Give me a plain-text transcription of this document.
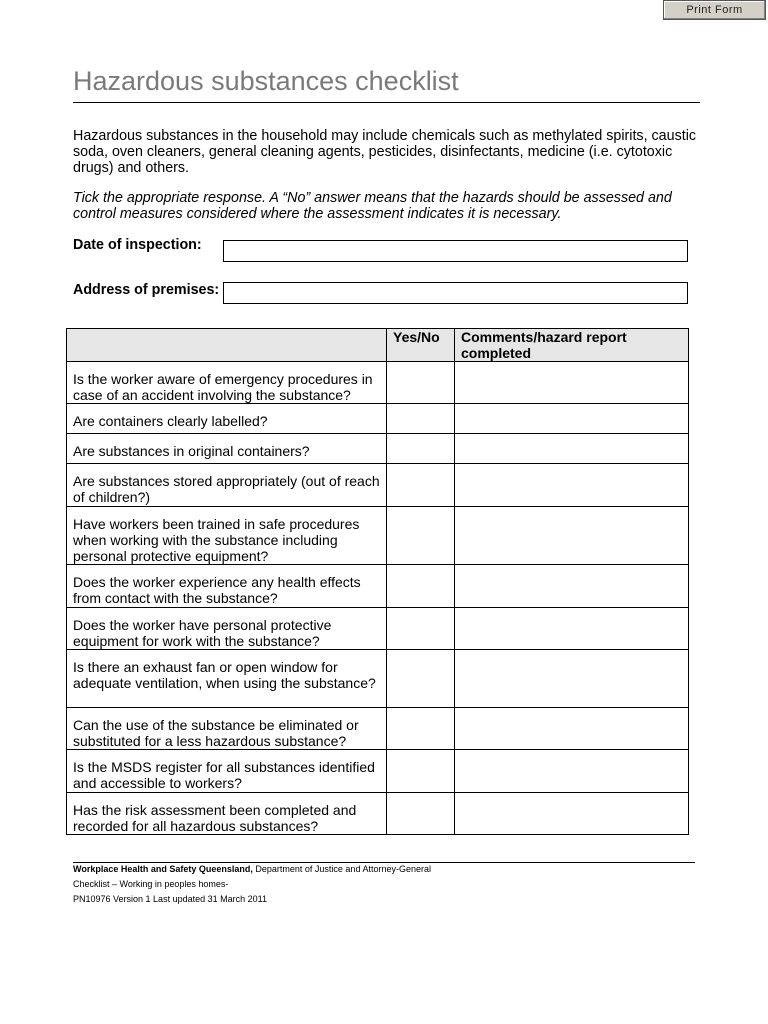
Print Form
Hazardous substances checklist

Hazardous substances in the household may include chemicals such as methylated spirits, caustic soda, oven cleaners, general cleaning agents, pesticides, disinfectants, medicine (i.e. cytotoxic drugs) and others.

Tick the appropriate response. A “No” answer means that the hazards should be assessed and control measures considered where the assessment indicates it is necessary.

Date of inspection:
Address of premises:

	Yes/No	Comments/hazard report completed

Is the worker aware of emergency procedures in case of an accident involving the substance?		
Are containers clearly labelled?		
Are substances in original containers?		
Are substances stored appropriately (out of reach of children?)		
Have workers been trained in safe procedures when working with the substance including personal protective equipment?		
Does the worker experience any health effects from contact with the substance?		
Does the worker have personal protective equipment for work with the substance?		
Is there an exhaust fan or open window for adequate ventilation, when using the substance?		
Can the use of the substance be eliminated or substituted for a less hazardous substance?		
Is the MSDS register for all substances identified and accessible to workers?		
Has the risk assessment been completed and recorded for all hazardous substances?		
Workplace Health and Safety Queensland, Department of Justice and Attorney-General
Checklist – Working in peoples homes-
PN10976 Version 1 Last updated 31 March 2011
